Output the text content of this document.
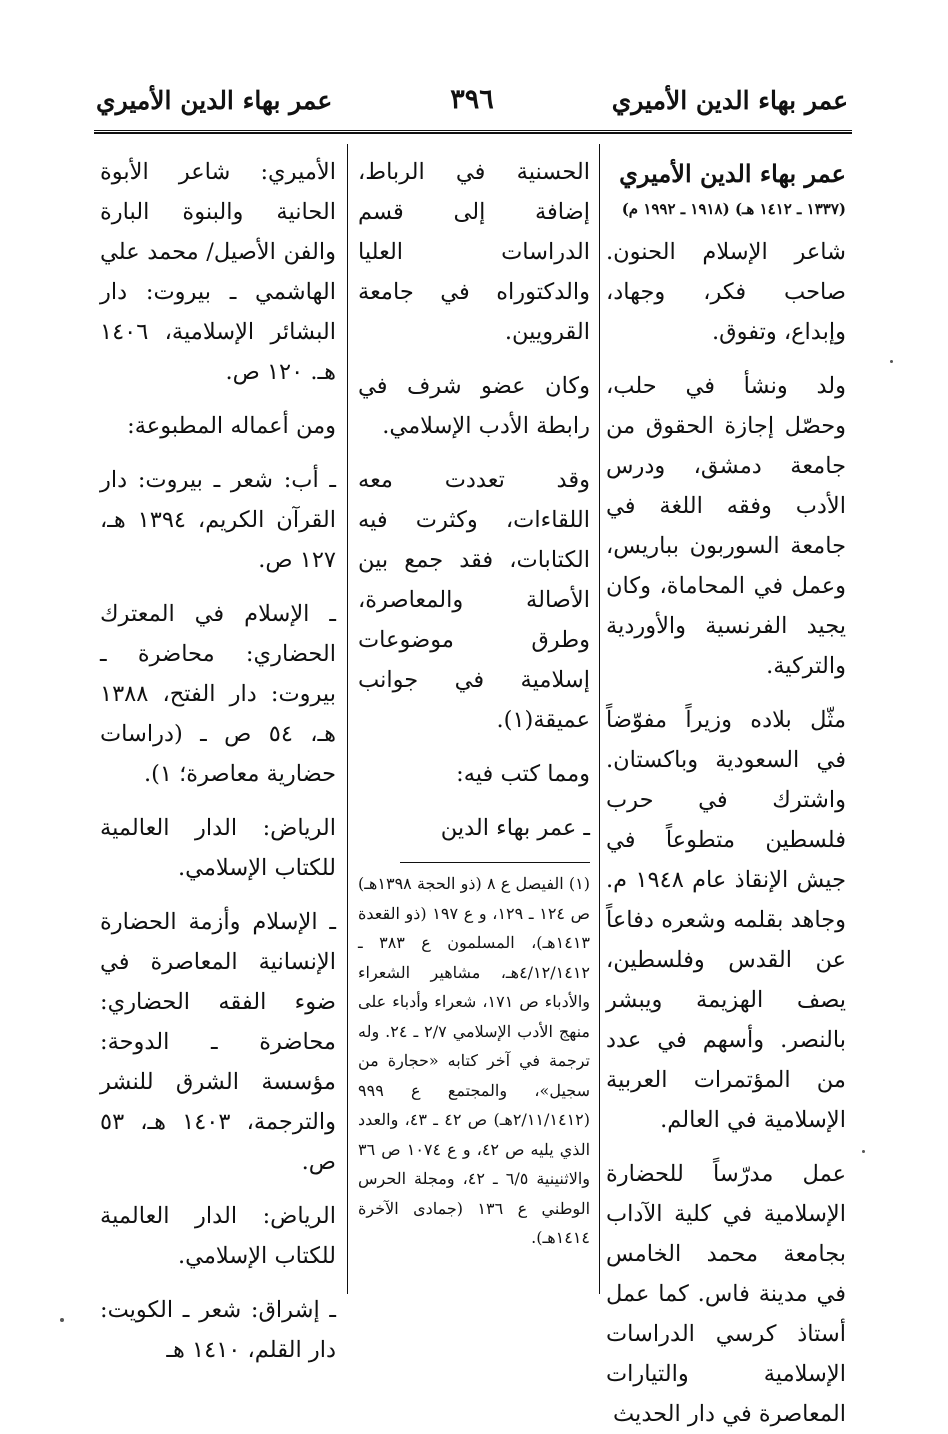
عمر بهاء الدين الأميري
٣٩٦
عمر بهاء الدين الأميري

عمر بهاء الدين الأميري

(١٣٣٧ ـ ١٤١٢ هـ) (١٩١٨ ـ ١٩٩٢ م)

شاعر الإسلام الحنون. صاحب فكر، وجهاد، وإبداع، وتفوق.

ولد ونشأ في حلب، وحصّل إجازة الحقوق من جامعة دمشق، ودرس الأدب وفقه اللغة في جامعة السوربون بباريس، وعمل في المحاماة، وكان يجيد الفرنسية والأوردية والتركية.

مثّل بلاده وزيراً مفوّضاً في السعودية وباكستان. واشترك في حرب فلسطين متطوعاً في جيش الإنقاذ عام ١٩٤٨ م. وجاهد بقلمه وشعره دفاعاً عن القدس وفلسطين، يصف الهزيمة ويبشر بالنصر. وأسهم في عدد من المؤتمرات العربية الإسلامية في العالم.

عمل مدرّساً للحضارة الإسلامية في كلية الآداب بجامعة محمد الخامس في مدينة فاس. كما عمل أستاذ كرسي الدراسات الإسلامية والتيارات المعاصرة في دار الحديث

الحسنية في الرباط، إضافة إلى قسم الدراسات العليا والدكتوراه في جامعة القرويين.

وكان عضو شرف في رابطة الأدب الإسلامي.

وقد تعددت معه اللقاءات، وكثرت فيه الكتابات، فقد جمع بين الأصالة والمعاصرة، وطرق موضوعات إسلامية في جوانب عميقة(١).

ومما كتب فيه:

ـ عمر بهاء الدين

(١) الفيصل ع ٨ (ذو الحجة ١٣٩٨هـ) ص ١٢٤ ـ ١٢٩، و ع ١٩٧ (ذو القعدة ١٤١٣هـ)، المسلمون ع ٣٨٣ ـ ٤/١٢/١٤١٢هـ، مشاهير الشعراء والأدباء ص ١٧١، شعراء وأدباء على منهج الأدب الإسلامي ٢/٧ ـ ٢٤. وله ترجمة في آخر كتابه «حجارة من سجيل»، والمجتمع ع ٩٩٩ (٢/١١/١٤١٢هـ) ص ٤٢ ـ ٤٣، والعدد الذي يليه ص ٤٢، و ع ١٠٧٤ ص ٣٦ والاثنينية ٦/٥ ـ ٤٢، ومجلة الحرس الوطني ع ١٣٦ (جمادى الآخرة ١٤١٤هـ).

الأميري: شاعر الأبوة الحانية والبنوة البارة والفن الأصيل/ محمد علي الهاشمي ـ بيروت: دار البشائر الإسلامية، ١٤٠٦ هـ. ١٢٠ ص.

ومن أعماله المطبوعة:

ـ أب: شعر ـ بيروت: دار القرآن الكريم، ١٣٩٤ هـ، ١٢٧ ص.

ـ الإسلام في المعترك الحضاري: محاضرة ـ بيروت: دار الفتح، ١٣٨٨ هـ، ٥٤ ص ـ (دراسات حضارية معاصرة؛ ١).

الرياض: الدار العالمية للكتاب الإسلامي.

ـ الإسلام وأزمة الحضارة الإنسانية المعاصرة في ضوء الفقه الحضاري: محاضرة ـ الدوحة: مؤسسة الشرق للنشر والترجمة، ١٤٠٣ هـ، ٥٣ ص.

الرياض: الدار العالمية للكتاب الإسلامي.

ـ إشراق: شعر ـ الكويت: دار القلم، ١٤١٠ هـ
